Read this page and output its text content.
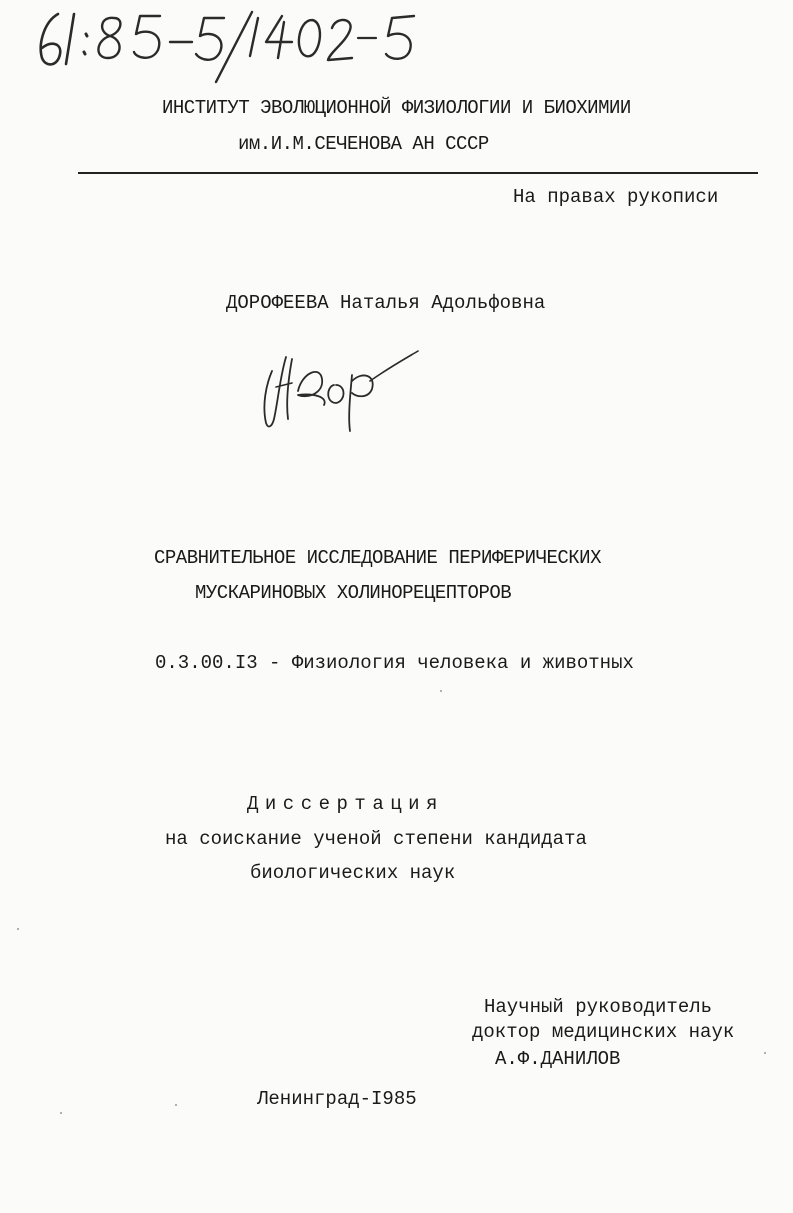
61:85-5/1402-5
ИНСТИТУТ ЭВОЛЮЦИОННОЙ ФИЗИОЛОГИИ И БИОХИМИИ
им.И.М.СЕЧЕНОВА АН СССР
На правах рукописи
ДОРОФЕЕВА Наталья Адольфовна
Н.Дор
СРАВНИТЕЛЬНОЕ ИССЛЕДОВАНИЕ ПЕРИФЕРИЧЕСКИХ
МУСКАРИНОВЫХ ХОЛИНОРЕЦЕПТОРОВ
0.3.00.I3 - Физиология человека и животных
Диссертация
на соискание ученой степени кандидата
биологических наук
Научный руководитель
доктор медицинских наук
А.Ф.ДАНИЛОВ
Ленинград-I985
